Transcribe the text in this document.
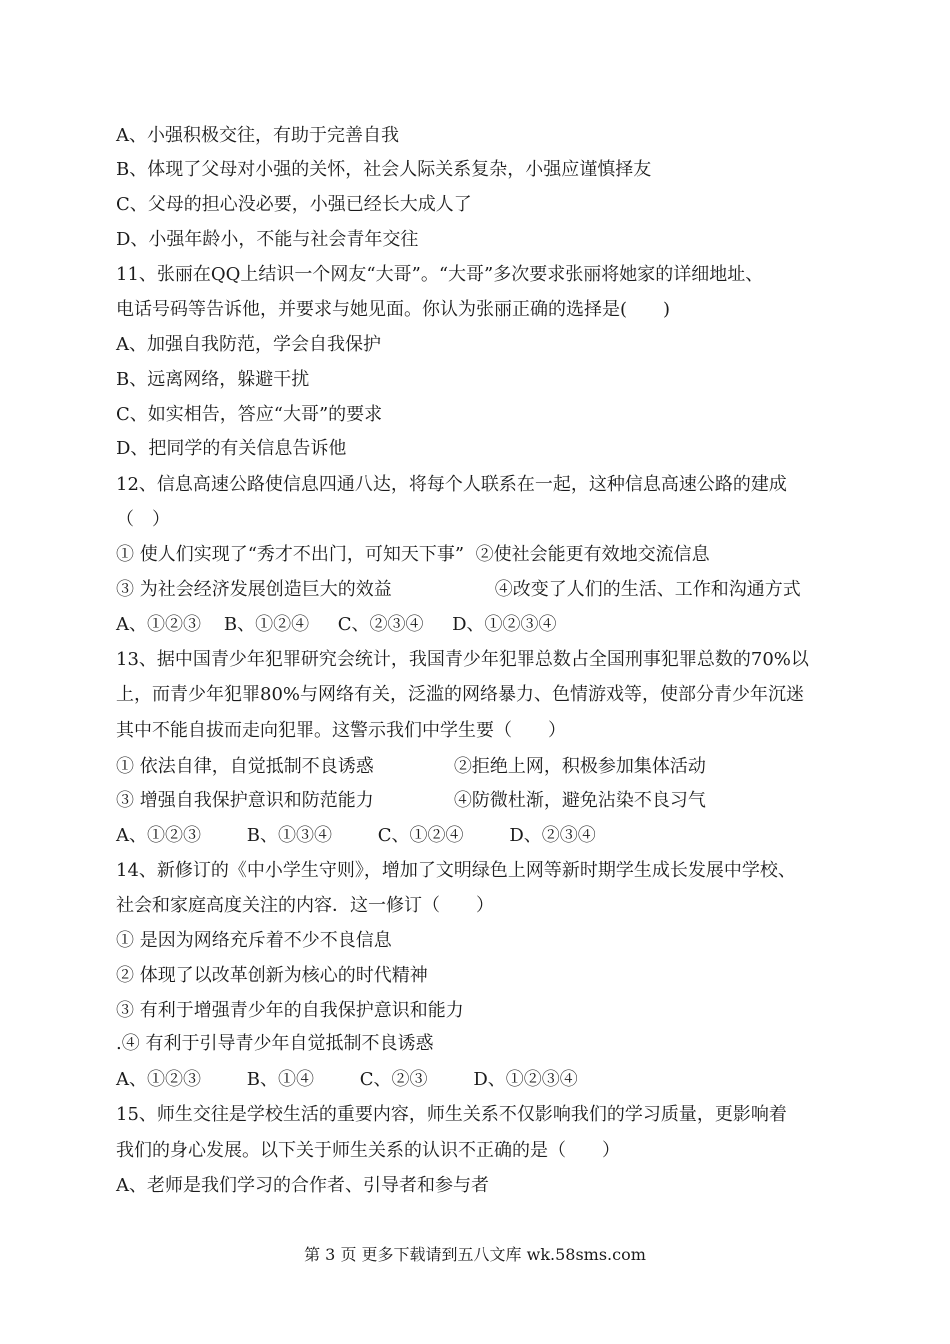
A、小强积极交往，有助于完善自我
B、体现了父母对小强的关怀，社会人际关系复杂，小强应谨慎择友
C、父母的担心没必要，小强已经长大成人了
D、小强年龄小，不能与社会青年交往
11、张丽在QQ上结识一个网友“大哥”。“大哥”多次要求张丽将她家的详细地址、
电话号码等告诉他，并要求与她见面。你认为张丽正确的选择是(　　)
A、加强自我防范，学会自我保护
B、远离网络，躲避干扰
C、如实相告，答应“大哥”的要求
D、把同学的有关信息告诉他
12、信息高速公路使信息四通八达，将每个人联系在一起，这种信息高速公路的建成
（　）
① 使人们实现了“秀才不出门，可知天下事”  ②使社会能更有效地交流信息
③ 为社会经济发展创造巨大的效益                  ④改变了人们的生活、工作和沟通方式
A、①②③    B、①②④     C、②③④     D、①②③④
13、据中国青少年犯罪研究会统计，我国青少年犯罪总数占全国刑事犯罪总数的70%以
上，而青少年犯罪80%与网络有关，泛滥的网络暴力、色情游戏等，使部分青少年沉迷
其中不能自拔而走向犯罪。这警示我们中学生要（　　）
① 依法自律，自觉抵制不良诱惑              ②拒绝上网，积极参加集体活动
③ 增强自我保护意识和防范能力              ④防微杜渐，避免沾染不良习气
A、①②③        B、①③④        C、①②④        D、②③④
14、新修订的《中小学生守则》，增加了文明绿色上网等新时期学生成长发展中学校、
社会和家庭高度关注的内容．这一修订（　　）
① 是因为网络充斥着不少不良信息
② 体现了以改革创新为核心的时代精神
③ 有利于增强青少年的自我保护意识和能力
.④ 有利于引导青少年自觉抵制不良诱惑
A、①②③        B、①④        C、②③        D、①②③④
15、师生交往是学校生活的重要内容，师生关系不仅影响我们的学习质量，更影响着
我们的身心发展。以下关于师生关系的认识不正确的是（　　）
A、老师是我们学习的合作者、引导者和参与者
第 3 页 更多下载请到五八文库 wk.58sms.com
